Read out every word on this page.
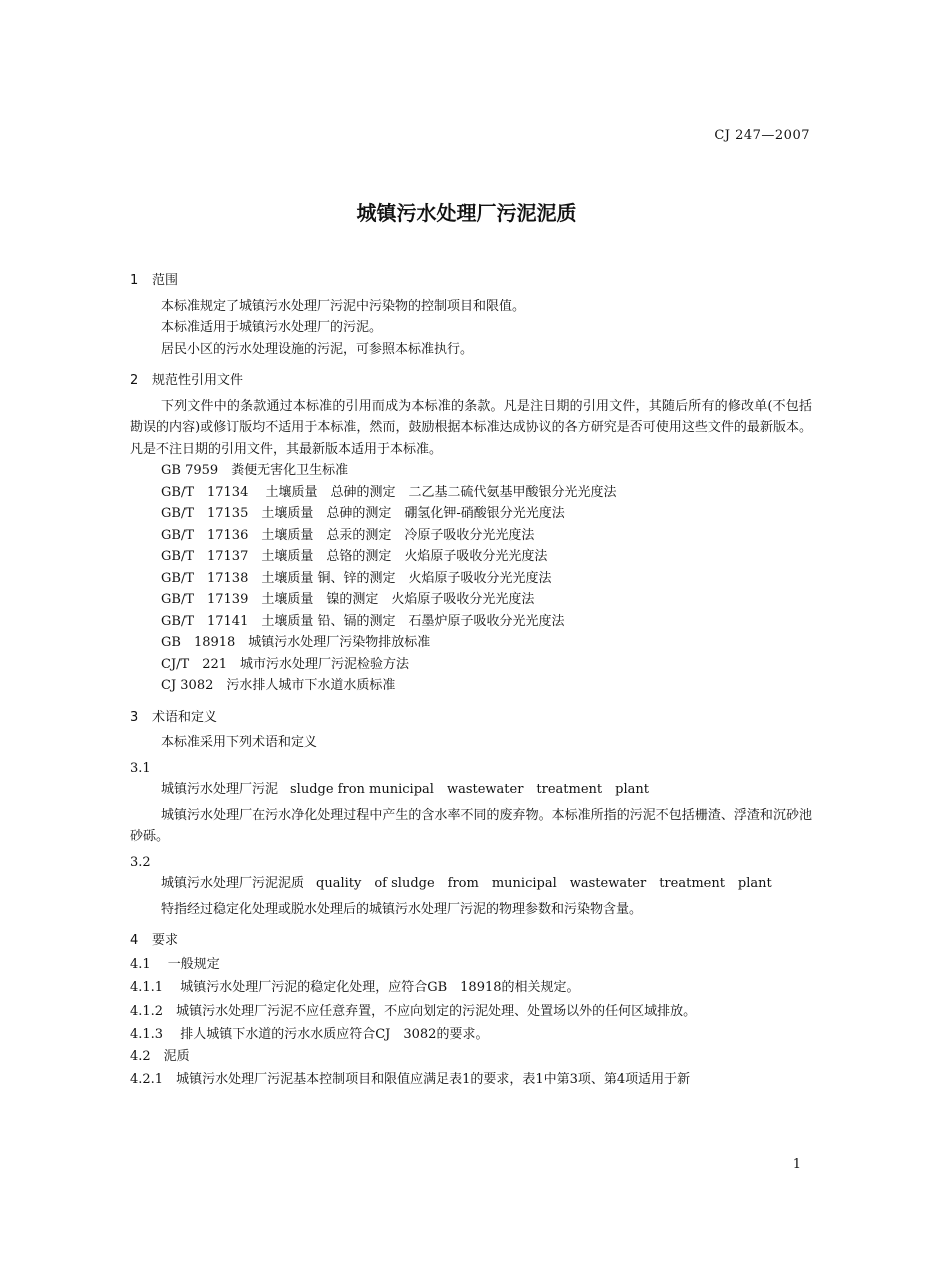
CJ 247—2007
城镇污水处理厂污泥泥质
1 范围
本标准规定了城镇污水处理厂污泥中污染物的控制项目和限值。
本标准适用于城镇污水处理厂的污泥。
居民小区的污水处理设施的污泥，可参照本标准执行。
2 规范性引用文件
下列文件中的条款通过本标准的引用而成为本标准的条款。凡是注日期的引用文件，其随后所有的修改单(不包括勘误的内容)或修订版均不适用于本标准，然而，鼓励根据本标准达成协议的各方研究是否可使用这些文件的最新版本。凡是不注日期的引用文件，其最新版本适用于本标准。
GB 7959　粪便无害化卫生标准
GB/T　17134　 土壤质量　总砷的测定　二乙基二硫代氨基甲酸银分光光度法
GB/T　17135　土壤质量　总砷的测定　硼氢化钾-硝酸银分光光度法
GB/T　17136　土壤质量　总汞的测定　冷原子吸收分光光度法
GB/T　17137　土壤质量　总铬的测定　火焰原子吸收分光光度法
GB/T　17138　土壤质量 铜、锌的测定　火焰原子吸收分光光度法
GB/T　17139　土壤质量　镍的测定　火焰原子吸收分光光度法
GB/T　17141　土壤质量 铅、镉的测定　石墨炉原子吸收分光光度法
GB　18918　城镇污水处理厂污染物排放标准
CJ/T　221　城市污水处理厂污泥检验方法
CJ 3082　污水排人城市下水道水质标准
3 术语和定义
本标准采用下列术语和定义
3.1
城镇污水处理厂污泥 sludge fron municipal　wastewater　treatment　plant
城镇污水处理厂在污水净化处理过程中产生的含水率不同的废弃物。本标准所指的污泥不包括栅渣、浮渣和沉砂池砂砾。
3.2
城镇污水处理厂污泥泥质 quality　of sludge　from　municipal　wastewater　treatment　plant
特指经过稳定化处理或脱水处理后的城镇污水处理厂污泥的物理参数和污染物含量。
4 要求
4.1　 一般规定
4.1.1　 城镇污水处理厂污泥的稳定化处理，应符合GB　18918的相关规定。
4.1.2　城镇污水处理厂污泥不应任意弃置，不应向划定的污泥处理、处置场以外的任何区域排放。
4.1.3　 排人城镇下水道的污水水质应符合CJ　3082的要求。
4.2　泥质
4.2.1　城镇污水处理厂污泥基本控制项目和限值应满足表1的要求，表1中第3项、第4项适用于新
1
